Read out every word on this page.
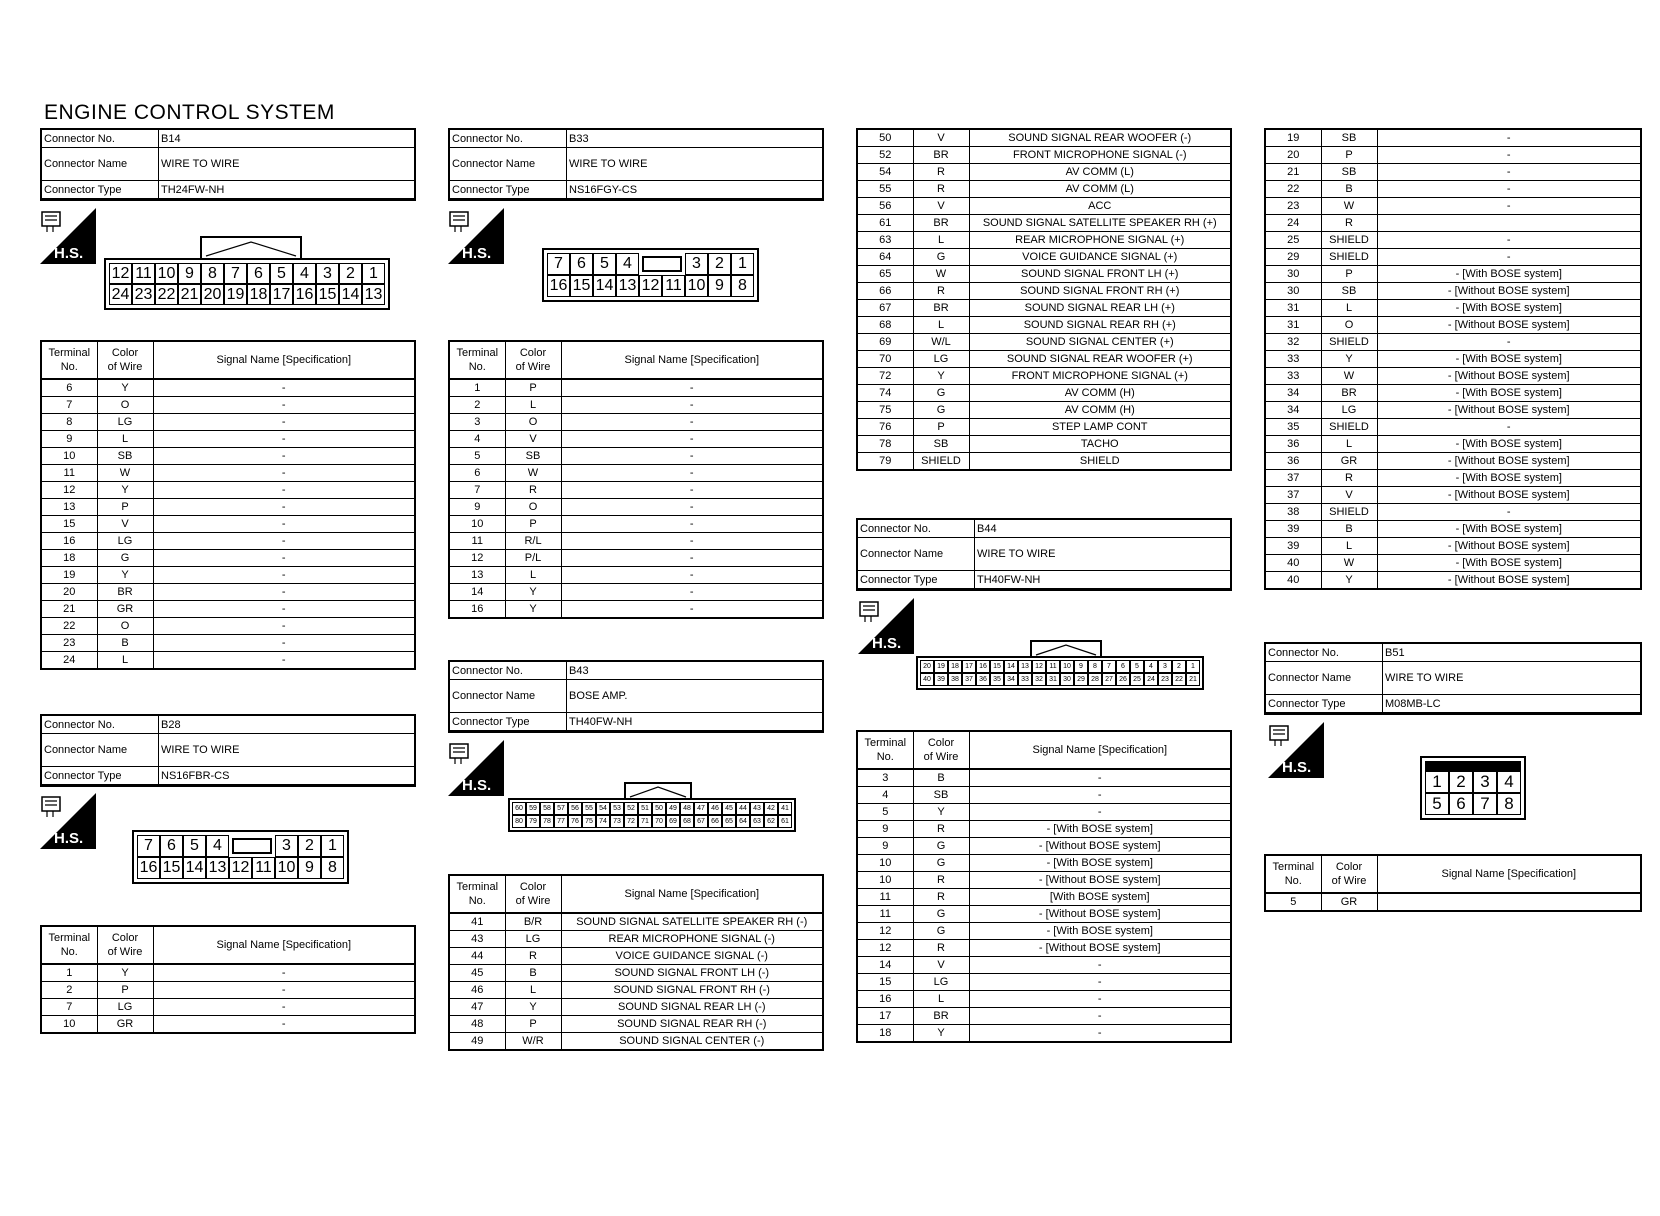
ENGINE CONTROL SYSTEM
Connector No.	B14
Connector Name	WIRE TO WIRE
Connector Type	TH24FW-NH
H.S.
12 11 10 9 8 7 6 5 4 3 2 1
24 23 22 21 20 19 18 17 16 15 14 13
Terminal
No.	Color
of Wire	Signal Name [Specification]
6	Y	-
7	O	-
8	LG	-
9	L	-
10	SB	-
11	W	-
12	Y	-
13	P	-
15	V	-
16	LG	-
18	G	-
19	Y	-
20	BR	-
21	GR	-
22	O	-
23	B	-
24	L	-
Connector No.	B28
Connector Name	WIRE TO WIRE
Connector Type	NS16FBR-CS
H.S.	7 6 5 4	3 2 1
16 15 14 13 12 11 10 9 8
Terminal
No.	Color
of Wire	Signal Name [Specification]
1	Y	-
2	P	-
7	LG	-
10	GR	-
Connector No.	B33
Connector Name	WIRE TO WIRE
Connector Type	NS16FGY-CS
H.S.
7 6 5 4	3 2 1
16 15 14 13 12 11 10 9 8
Terminal
No.	Color
of Wire	Signal Name [Specification]
1	P	-
2	L	-
3	O	-
4	V	-
5	SB	-
6	W	-
7	R	-
9	O	-
10	P	-
11	R/L	-
12	P/L	-
13	L	-
14	Y	-
16	Y	-
Connector No.	B43
Connector Name	BOSE AMP.
Connector Type	TH40FW-NH
H.S.
60 59 58 57 56 55 54 53 52 51 50 49 48 47 46 45 44 43 42 41
80 79 78 77 76 75 74 73 72 71 70 69 68 67 66 65 64 63 62 61
Terminal
No.	Color
of Wire	Signal Name [Specification]
41	B/R	SOUND SIGNAL SATELLITE SPEAKER RH (-)
43	LG	REAR MICROPHONE SIGNAL (-)
44	R	VOICE GUIDANCE SIGNAL (-)
45	B	SOUND SIGNAL FRONT LH (-)
46	L	SOUND SIGNAL FRONT RH (-)
47	Y	SOUND SIGNAL REAR LH (-)
48	P	SOUND SIGNAL REAR RH (-)
49	W/R	SOUND SIGNAL CENTER (-)
50	V	SOUND SIGNAL REAR WOOFER (-)
52	BR	FRONT MICROPHONE SIGNAL (-)
54	R	AV COMM (L)
55	R	AV COMM (L)
56	V	ACC
61	BR	SOUND SIGNAL SATELLITE SPEAKER RH (+)
63	L	REAR MICROPHONE SIGNAL (+)
64	G	VOICE GUIDANCE SIGNAL (+)
65	W	SOUND SIGNAL FRONT LH (+)
66	R	SOUND SIGNAL FRONT RH (+)
67	BR	SOUND SIGNAL REAR LH (+)
68	L	SOUND SIGNAL REAR RH (+)
69	W/L	SOUND SIGNAL CENTER (+)
70	LG	SOUND SIGNAL REAR WOOFER (+)
72	Y	FRONT MICROPHONE SIGNAL (+)
74	G	AV COMM (H)
75	G	AV COMM (H)
76	P	STEP LAMP CONT
78	SB	TACHO
79	SHIELD	SHIELD
Connector No.	B44
Connector Name	WIRE TO WIRE
Connector Type	TH40FW-NH
H.S.
20 19 18 17 16 15 14 13 12 11 10	9	8	7	6	5	4	3	2	1
40 39 38 37 36 35 34 33 32 31 30 29 28 27 26 25 24 23 22 21
Terminal
No.	Color
of Wire	Signal Name [Specification]
3	B	-
4	SB	-
5	Y	-
9	R	- [With BOSE system]
9	G	- [Without BOSE system]
10	G	- [With BOSE system]
10	R	- [Without BOSE system]
11	R	[With BOSE system]
11	G	- [Without BOSE system]
12	G	- [With BOSE system]
12	R	- [Without BOSE system]
14	V	-
15	LG	-
16	L	-
17	BR	-
18	Y	-
19	SB	-
20	P	-
21	SB	-
22	B	-
23	W	-
24	R	
25	SHIELD	-
29	SHIELD	-
30	P	- [With BOSE system]
30	SB	- [Without BOSE system]
31	L	- [With BOSE system]
31	O	- [Without BOSE system]
32	SHIELD	-
33	Y	- [With BOSE system]
33	W	- [Without BOSE system]
34	BR	- [With BOSE system]
34	LG	- [Without BOSE system]
35	SHIELD	-
36	L	- [With BOSE system]
36	GR	- [Without BOSE system]
37	R	- [With BOSE system]
37	V	- [Without BOSE system]
38	SHIELD	-
39	B	- [With BOSE system]
39	L	- [Without BOSE system]
40	W	- [With BOSE system]
40	Y	- [Without BOSE system]
Connector No.	B51
Connector Name	WIRE TO WIRE
Connector Type	M08MB-LC
H.S.
1 2 3 4
5 6 7 8
Terminal
No.	Color
of Wire	Signal Name [Specification]
5	GR	
